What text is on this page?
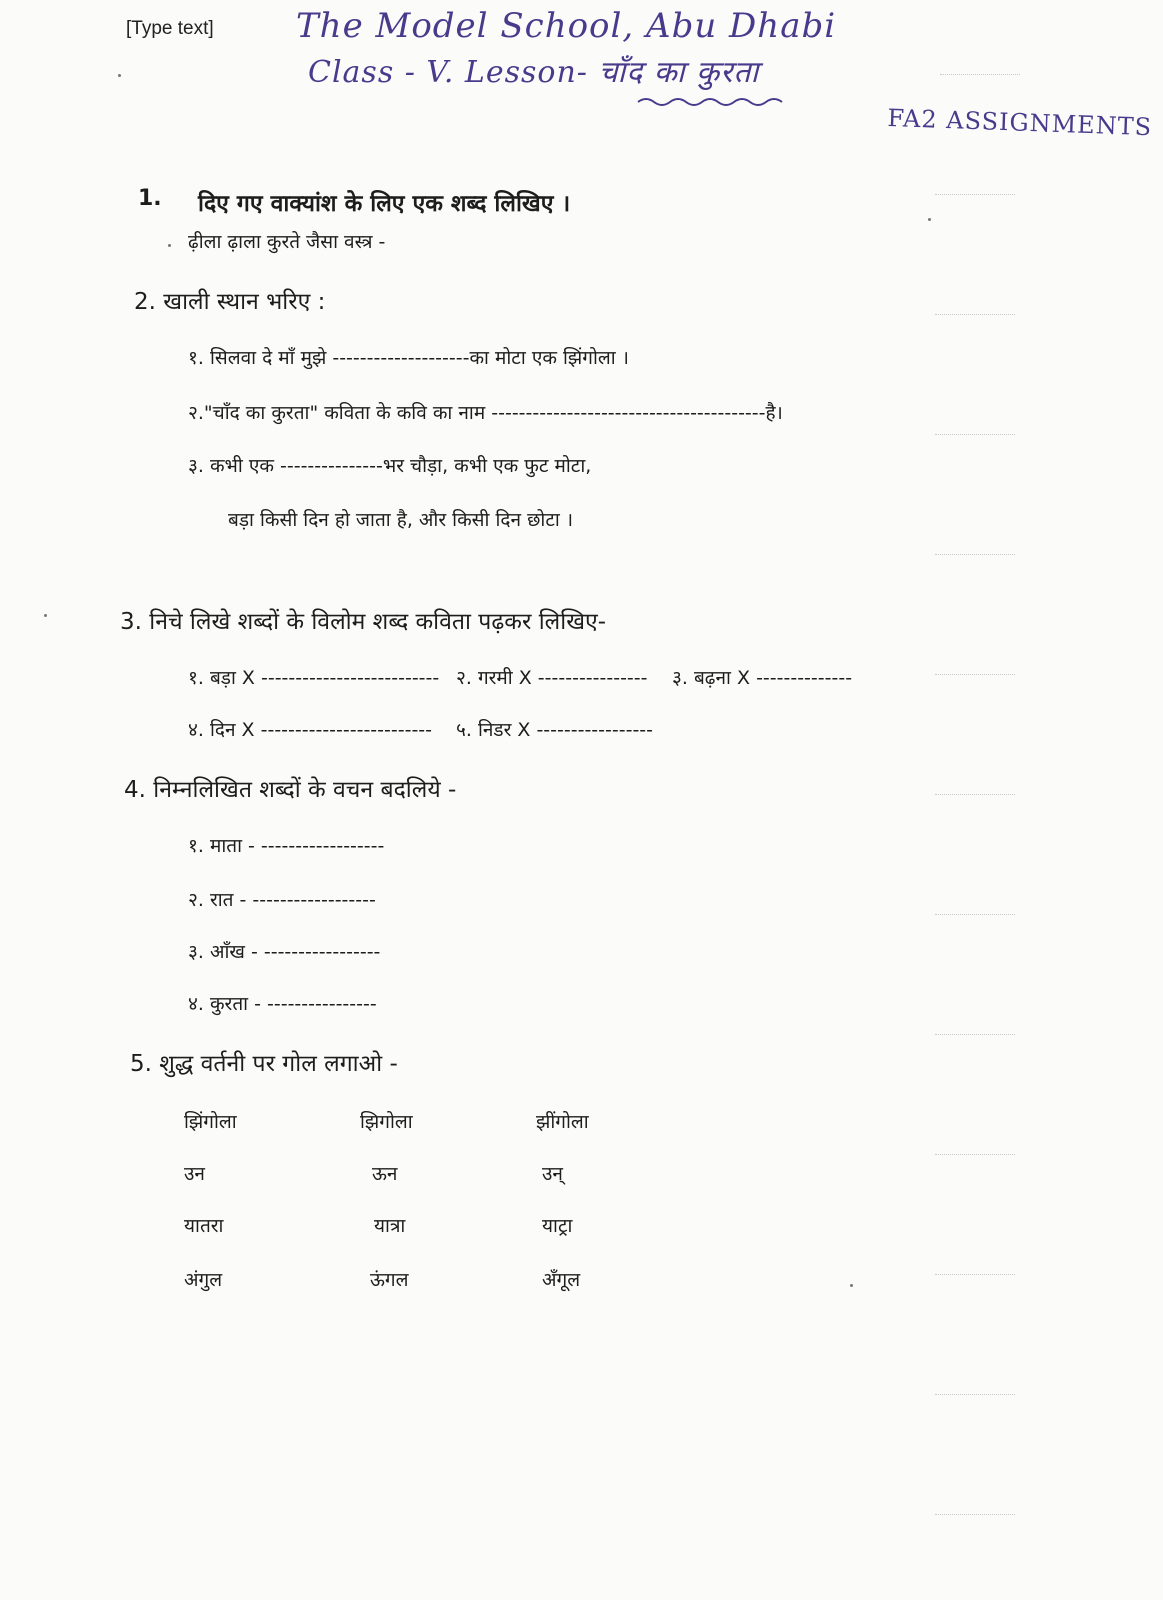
[Type text] The Model School, Abu Dhabi
Class - V. Lesson- चाँद का कुरता
FA2 ASSIGNMENTS
1. दिए गए वाक्यांश के लिए एक शब्द लिखिए ।
ढ़ीला ढ़ाला कुरते जैसा वस्त्र -
2. खाली स्थान भरिए :
१. सिलवा दे माँ मुझे --------------------का मोटा एक झिंगोला ।
२."चाँद का कुरता" कविता के कवि का नाम ----------------------------------------है।
३. कभी एक ---------------भर चौड़ा, कभी एक फुट मोटा,
बड़ा किसी दिन हो जाता है, और किसी दिन छोटा ।
3. निचे लिखे शब्दों के विलोम शब्द कविता पढ़कर लिखिए-
१. बड़ा X -------------------------- २. गरमी X ---------------- ३. बढ़ना X --------------
४. दिन X ------------------------- ५. निडर X -----------------
4. निम्नलिखित शब्दों के वचन बदलिये -
१. माता - ------------------
२. रात - ------------------
३. आँख - -----------------
४. कुरता - ----------------
5. शुद्ध वर्तनी पर गोल लगाओ -
झिंगोला	झिगोला	झींगोला
उन	ऊन	उन्
यातरा	यात्रा	याट्रा
अंगुल	ऊंगल	अँगूल
